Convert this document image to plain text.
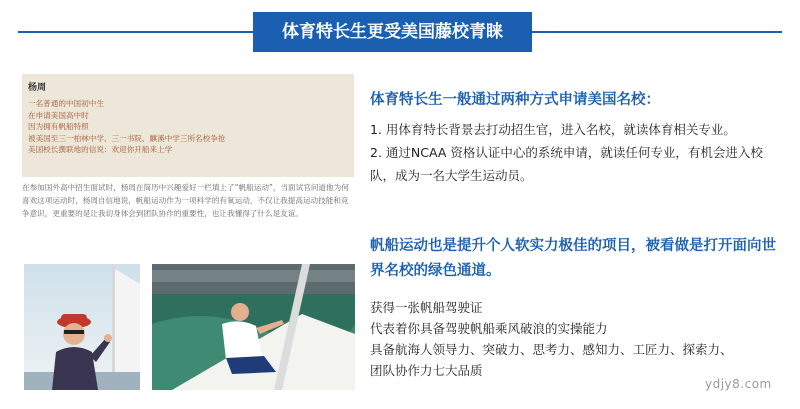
体育特长生更受美国藤校青睐
杨周
一名普通的中国初中生
在申请美国高中时
因为拥有帆船特照
被美国至三一柏林中学、三一书院、麒溪中学三所名校争抢
美国校长撰联地的信说：欢迎你开船来上学
在参加国外高中招生面试时，杨周在简历中兴趣爱好一栏填上了“帆船运动”，当面试官问道他为何喜欢这项运动时，杨周自信地说，帆船运动作为一项科学的有氧运动，不仅让我提高运动技能和竞争意识，更重要的是让我切身体会到团队协作的重要性，也让我懂得了什么是友谊。
体育特长生一般通过两种方式申请美国名校：
1. 用体育特长背景去打动招生官，进入名校，就读体育相关专业。
2. 通过NCAA 资格认证中心的系统申请，就读任何专业，有机会进入校队，成为一名大学生运动员。
帆船运动也是提升个人软实力极佳的项目，被看做是打开面向世界名校的绿色通道。
获得一张帆船驾驶证
代表着你具备驾驶帆船乘风破浪的实操能力
具备航海人领导力、突破力、思考力、感知力、工匠力、探索力、
团队协作力七大品质
ydjy8.com
